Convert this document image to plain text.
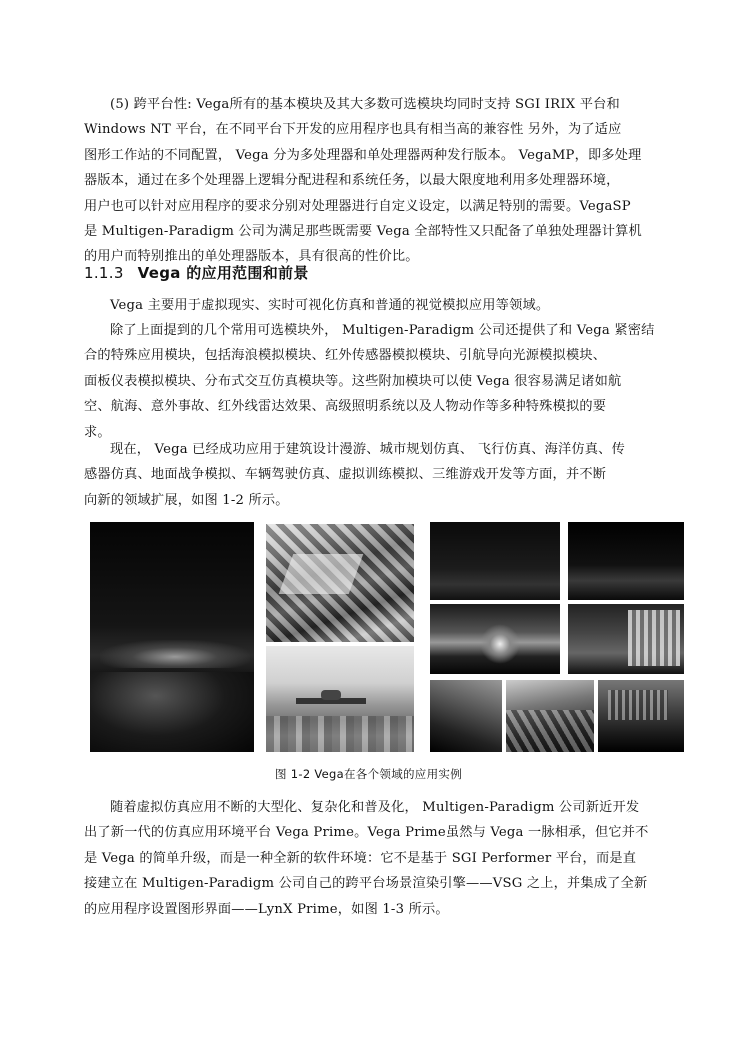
(5) 跨平台性: Vega所有的基本模块及其大多数可选模块均同时支持 SGI IRIX 平台和
Windows NT 平台，在不同平台下开发的应用程序也具有相当高的兼容性 另外，为了适应
图形工作站的不同配置， Vega 分为多处理器和单处理器两种发行版本。 VegaMP，即多处理
器版本，通过在多个处理器上逻辑分配进程和系统任务，以最大限度地利用多处理器环境，
用户也可以针对应用程序的要求分别对处理器进行自定义设定，以满足特别的需要。VegaSP
是 Multigen-Paradigm 公司为满足那些既需要 Vega 全部特性又只配备了单独处理器计算机
的用户而特别推出的单处理器版本，具有很高的性价比。

1.1.3 Vega 的应用范围和前景

Vega 主要用于虚拟现实、实时可视化仿真和普通的视觉模拟应用等领域。

除了上面提到的几个常用可选模块外， Multigen-Paradigm 公司还提供了和 Vega 紧密结
合的特殊应用模块，包括海浪模拟模块、红外传感器模拟模块、引航导向光源模拟模块、
面板仪表模拟模块、分布式交互仿真模块等。这些附加模块可以使 Vega 很容易满足诸如航
空、航海、意外事故、红外线雷达效果、高级照明系统以及人物动作等多种特殊模拟的要
求。

现在， Vega 已经成功应用于建筑设计漫游、城市规划仿真、 飞行仿真、海洋仿真、传
感器仿真、地面战争模拟、车辆驾驶仿真、虚拟训练模拟、三维游戏开发等方面，并不断
向新的领域扩展，如图 1-2 所示。

图 1-2 Vega在各个领域的应用实例

随着虚拟仿真应用不断的大型化、复杂化和普及化， Multigen-Paradigm 公司新近开发
出了新一代的仿真应用环境平台 Vega Prime。Vega Prime虽然与 Vega 一脉相承，但它并不
是 Vega 的简单升级，而是一种全新的软件环境：它不是基于 SGI Performer 平台，而是直
接建立在 Multigen-Paradigm 公司自己的跨平台场景渲染引擎——VSG 之上，并集成了全新
的应用程序设置图形界面——LynX Prime，如图 1-3 所示。
